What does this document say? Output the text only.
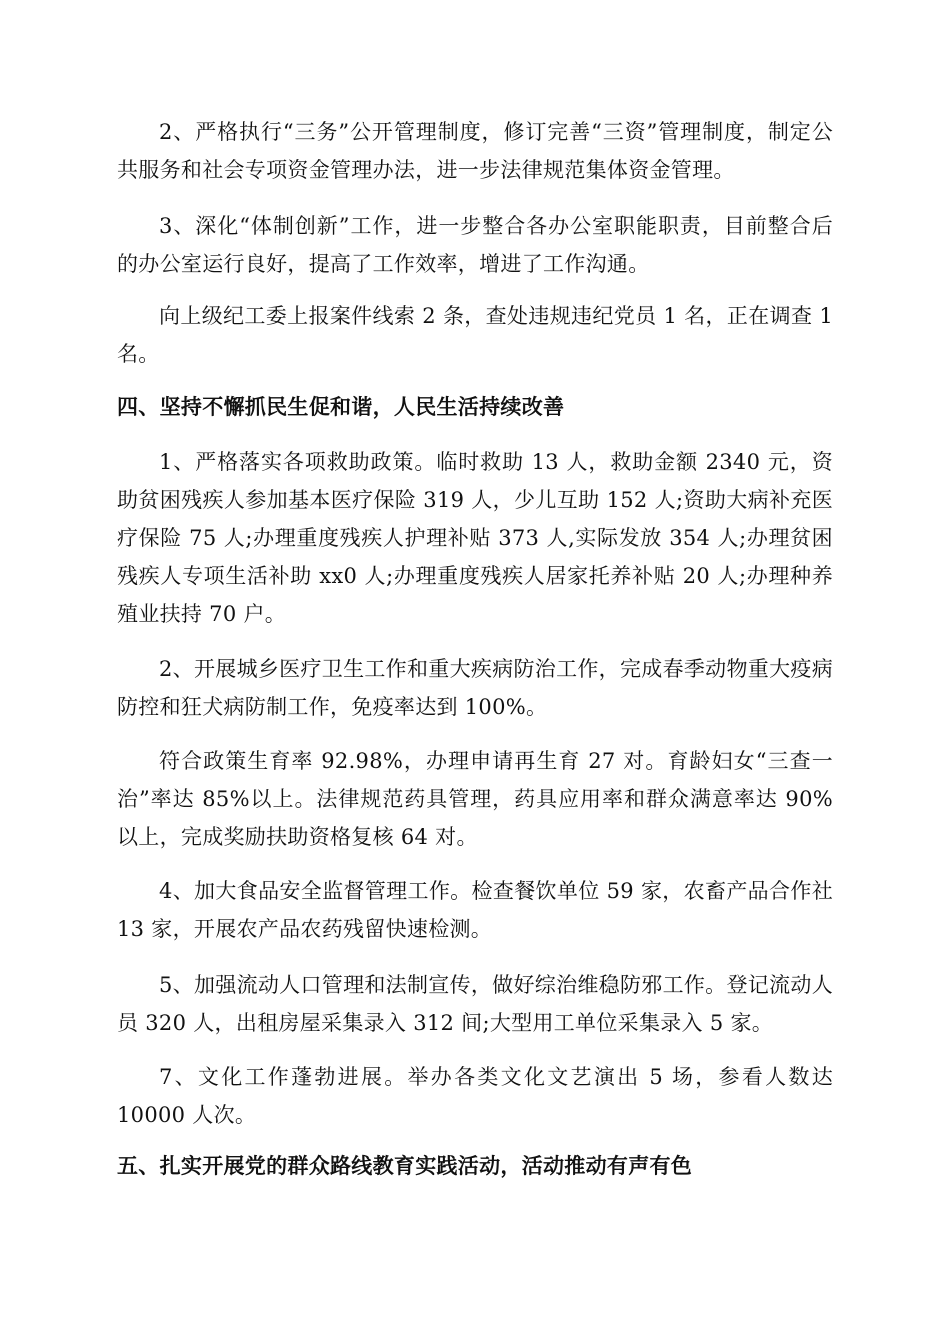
2、严格执行“三务”公开管理制度，修订完善“三资”管理制度，制定公共服务和社会专项资金管理办法，进一步法律规范集体资金管理。

3、深化“体制创新”工作，进一步整合各办公室职能职责，目前整合后的办公室运行良好，提高了工作效率，增进了工作沟通。

向上级纪工委上报案件线索 2 条，查处违规违纪党员 1 名，正在调查 1 名。

四、坚持不懈抓民生促和谐，人民生活持续改善

1、严格落实各项救助政策。临时救助 13 人，救助金额 2340 元，资助贫困残疾人参加基本医疗保险 319 人，少儿互助 152 人;资助大病补充医疗保险 75 人;办理重度残疾人护理补贴 373 人,实际发放 354 人;办理贫困残疾人专项生活补助 xx0 人;办理重度残疾人居家托养补贴 20 人;办理种养殖业扶持 70 户。

2、开展城乡医疗卫生工作和重大疾病防治工作，完成春季动物重大疫病防控和狂犬病防制工作，免疫率达到 100%。

符合政策生育率 92.98%，办理申请再生育 27 对。育龄妇女“三查一治”率达 85%以上。法律规范药具管理，药具应用率和群众满意率达 90%以上，完成奖励扶助资格复核 64 对。

4、加大食品安全监督管理工作。检查餐饮单位 59 家，农畜产品合作社 13 家，开展农产品农药残留快速检测。

5、加强流动人口管理和法制宣传，做好综治维稳防邪工作。登记流动人员 320 人，出租房屋采集录入 312 间;大型用工单位采集录入 5 家。

7、文化工作蓬勃进展。举办各类文化文艺演出 5 场，参看人数达 10000 人次。

五、扎实开展党的群众路线教育实践活动，活动推动有声有色
